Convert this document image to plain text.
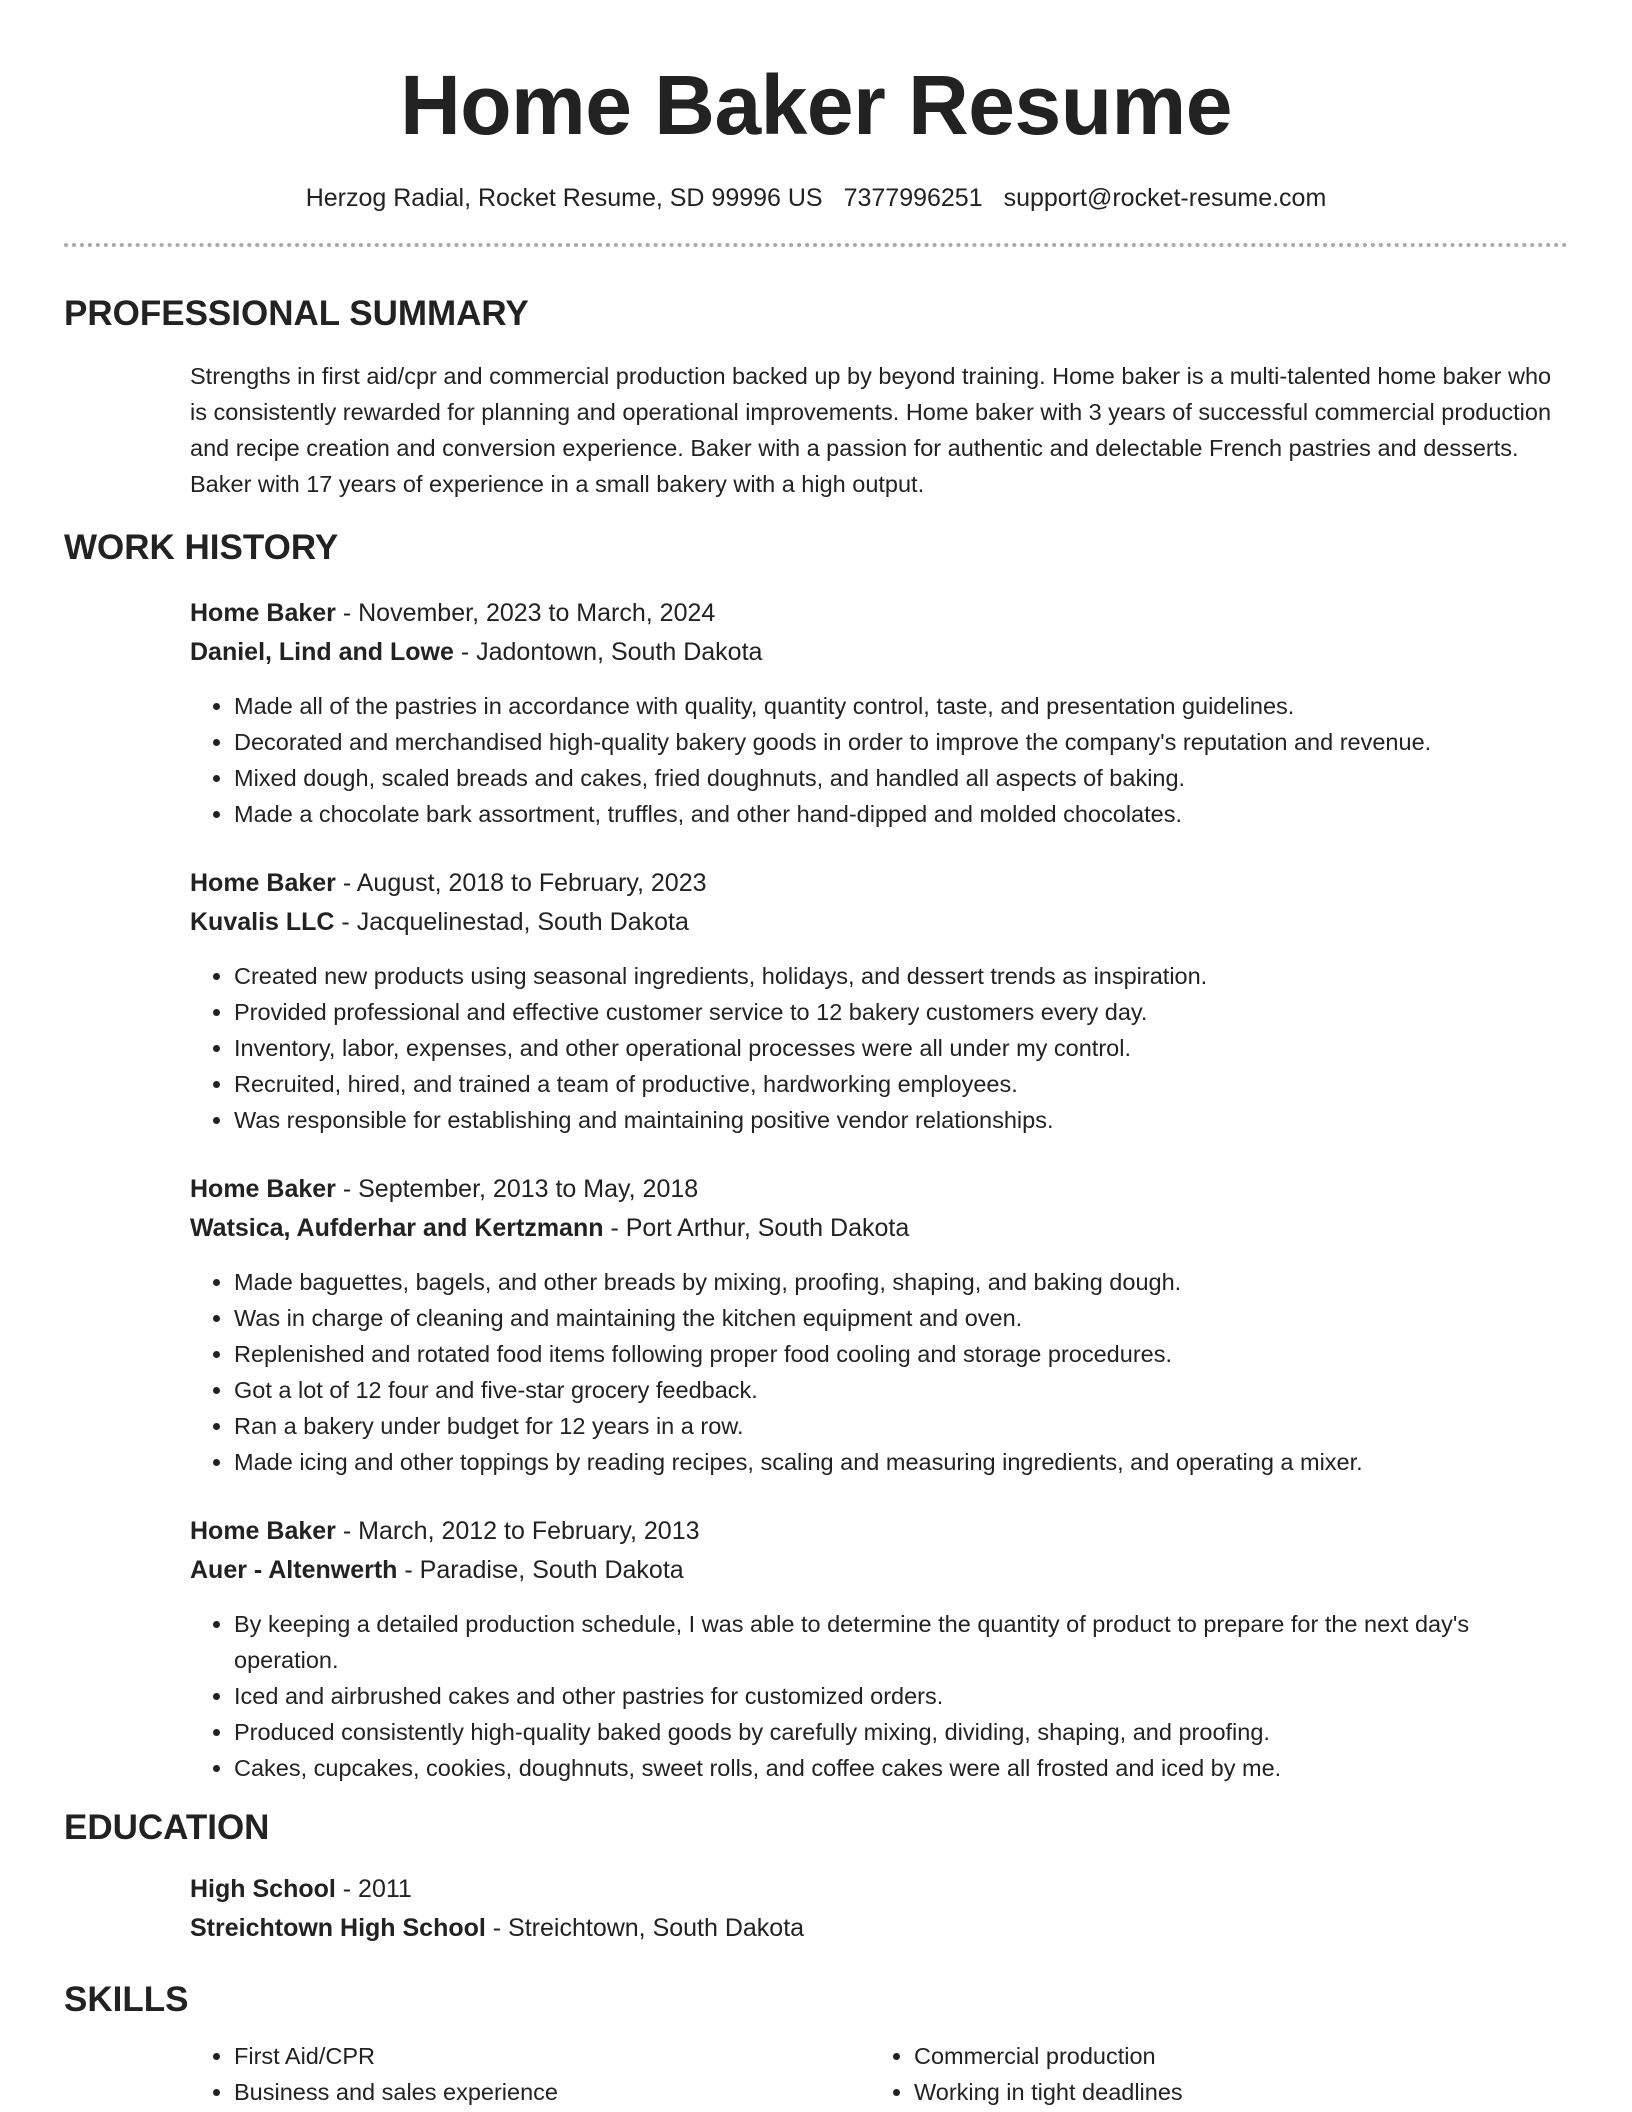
Home Baker Resume
Herzog Radial, Rocket Resume, SD 99996 US 7377996251 support@rocket-resume.com
PROFESSIONAL SUMMARY

Strengths in first aid/cpr and commercial production backed up by beyond training. Home baker is a multi-talented home baker who is consistently rewarded for planning and operational improvements. Home baker with 3 years of successful commercial production and recipe creation and conversion experience. Baker with a passion for authentic and delectable French pastries and desserts. Baker with 17 years of experience in a small bakery with a high output.

WORK HISTORY
Home Baker - November, 2023 to March, 2024
Daniel, Lind and Lowe - Jadontown, South Dakota
• Made all of the pastries in accordance with quality, quantity control, taste, and presentation guidelines.
• Decorated and merchandised high-quality bakery goods in order to improve the company's reputation and revenue.
• Mixed dough, scaled breads and cakes, fried doughnuts, and handled all aspects of baking.
• Made a chocolate bark assortment, truffles, and other hand-dipped and molded chocolates.
Home Baker - August, 2018 to February, 2023
Kuvalis LLC - Jacquelinestad, South Dakota
• Created new products using seasonal ingredients, holidays, and dessert trends as inspiration.
• Provided professional and effective customer service to 12 bakery customers every day.
• Inventory, labor, expenses, and other operational processes were all under my control.
• Recruited, hired, and trained a team of productive, hardworking employees.
• Was responsible for establishing and maintaining positive vendor relationships.
Home Baker - September, 2013 to May, 2018
Watsica, Aufderhar and Kertzmann - Port Arthur, South Dakota
• Made baguettes, bagels, and other breads by mixing, proofing, shaping, and baking dough.
• Was in charge of cleaning and maintaining the kitchen equipment and oven.
• Replenished and rotated food items following proper food cooling and storage procedures.
• Got a lot of 12 four and five-star grocery feedback.
• Ran a bakery under budget for 12 years in a row.
• Made icing and other toppings by reading recipes, scaling and measuring ingredients, and operating a mixer.
Home Baker - March, 2012 to February, 2013
Auer - Altenwerth - Paradise, South Dakota
• By keeping a detailed production schedule, I was able to determine the quantity of product to prepare for the next day's operation.
• Iced and airbrushed cakes and other pastries for customized orders.
• Produced consistently high-quality baked goods by carefully mixing, dividing, shaping, and proofing.
• Cakes, cupcakes, cookies, doughnuts, sweet rolls, and coffee cakes were all frosted and iced by me.
EDUCATION
High School - 2011
Streichtown High School - Streichtown, South Dakota
SKILLS
• First Aid/CPR
• Business and sales experience
• Commercial production
• Working in tight deadlines
